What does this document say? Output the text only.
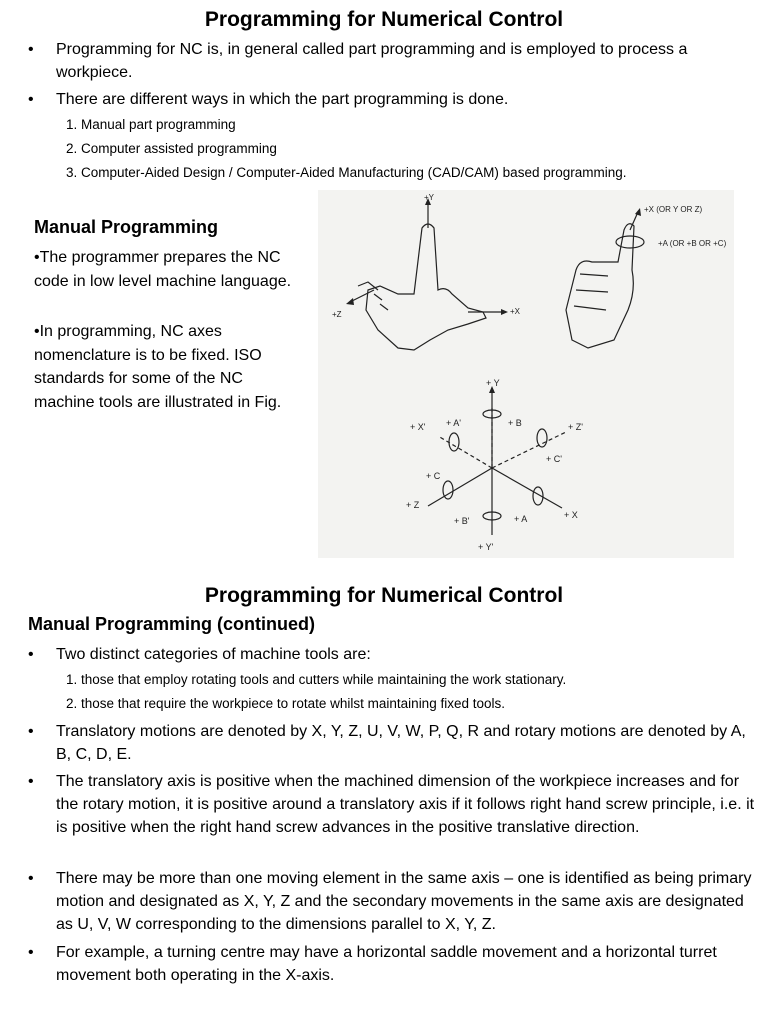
Programming for Numerical Control
• Programming for NC is, in general called part programming and is employed to process a workpiece.
• There are different ways in which the part programming is done.
1. Manual part programming
2. Computer assisted programming
3. Computer-Aided Design / Computer-Aided Manufacturing (CAD/CAM) based programming.
Manual Programming
•The programmer prepares the NC code in low level machine language.
•In programming, NC axes nomenclature is to be fixed. ISO standards for some of the NC machine tools are illustrated in Fig.
+Y
+Z	+X
+X (OR Y OR Z)
+A (OR +B OR +C)
+ Y
+ X' + A'	+ B	+ Z'
+ C'
+ C
+ Z
+ B'	+ A	+ X
+ Y'
Programming for Numerical Control
Manual Programming (continued)
• Two distinct categories of machine tools are:
1. those that employ rotating tools and cutters while maintaining the work stationary.
2. those that require the workpiece to rotate whilst maintaining fixed tools.
• Translatory motions are denoted by X, Y, Z, U, V, W, P, Q, R and rotary motions are denoted by A, B, C, D, E.
• The translatory axis is positive when the machined dimension of the workpiece increases and for the rotary motion, it is positive around a translatory axis if it follows right hand screw principle, i.e. it is positive when the right hand screw advances in the positive translative direction.
• There may be more than one moving element in the same axis – one is identified as being primary motion and designated as X, Y, Z and the secondary movements in the same axis are designated as U, V, W corresponding to the dimensions parallel to X, Y, Z.
• For example, a turning centre may have a horizontal saddle movement and a horizontal turret movement both operating in the X-axis.
